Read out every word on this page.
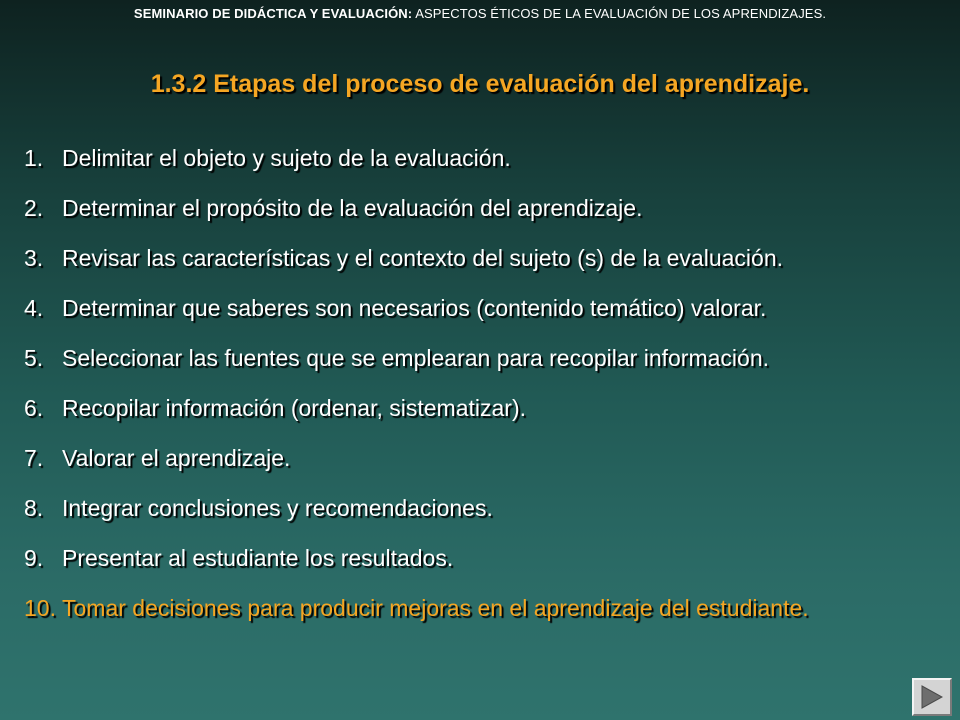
SEMINARIO DE DIDÁCTICA Y EVALUACIÓN: ASPECTOS ÉTICOS DE LA EVALUACIÓN DE LOS APRENDIZAJES.
1.3.2 Etapas del proceso de evaluación del aprendizaje.
1. Delimitar el objeto y sujeto de la evaluación.
2. Determinar el propósito de la evaluación del aprendizaje.
3. Revisar las características y el contexto del sujeto (s) de la evaluación.
4. Determinar que saberes son necesarios (contenido temático) valorar.
5. Seleccionar las fuentes que se emplearan para recopilar información.
6. Recopilar información (ordenar, sistematizar).
7. Valorar el aprendizaje.
8. Integrar conclusiones y recomendaciones.
9. Presentar al estudiante los resultados.
10. Tomar decisiones para producir mejoras en el aprendizaje del estudiante.
